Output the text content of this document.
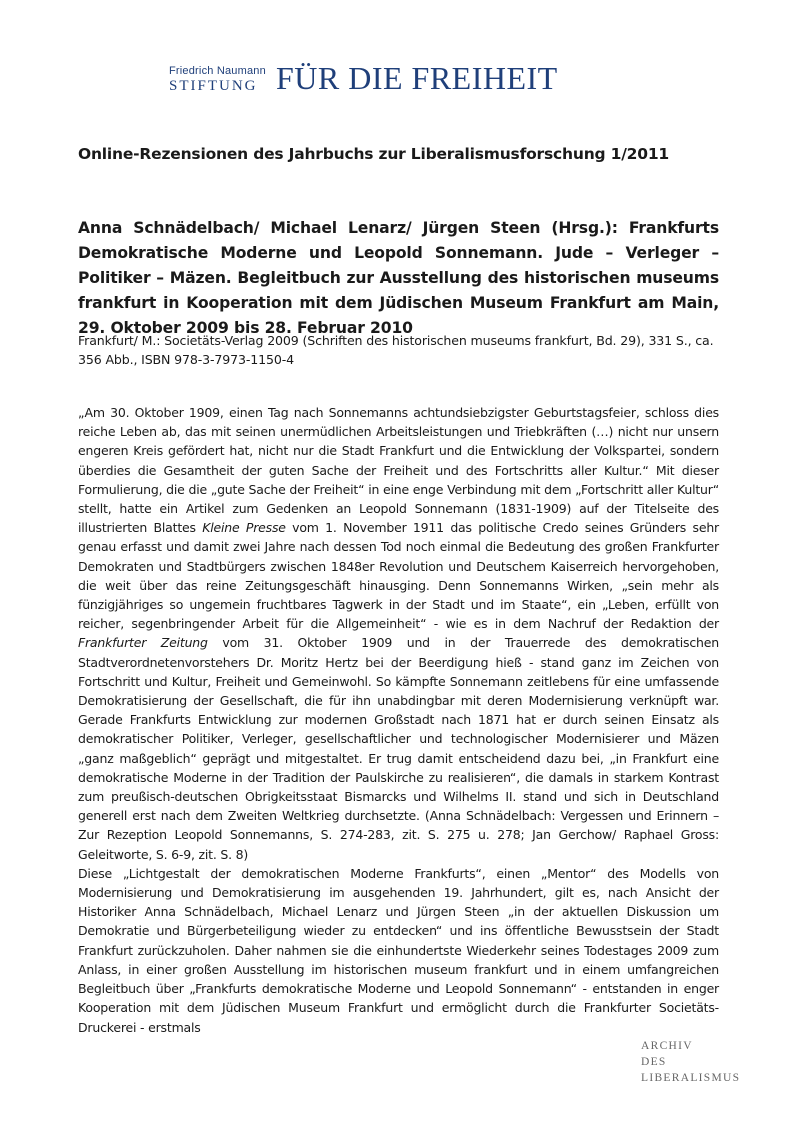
Friedrich Naumann
STIFTUNG FÜR DIE FREIHEIT
Online-Rezensionen des Jahrbuchs zur Liberalismusforschung 1/2011
Anna Schnädelbach/ Michael Lenarz/ Jürgen Steen (Hrsg.): Frankfurts Demokratische Moderne und Leopold Sonnemann. Jude – Verleger – Politiker – Mäzen. Begleitbuch zur Ausstellung des historischen museums frankfurt in Kooperation mit dem Jüdischen Museum Frankfurt am Main, 29. Oktober 2009 bis 28. Februar 2010
Frankfurt/ M.: Societäts-Verlag 2009 (Schriften des historischen museums frankfurt, Bd. 29), 331 S., ca. 356 Abb., ISBN 978-3-7973-1150-4

„Am 30. Oktober 1909, einen Tag nach Sonnemanns achtundsiebzigster Geburtstagsfeier, schloss dies reiche Leben ab, das mit seinen unermüdlichen Arbeitsleistungen und Triebkräften (…) nicht nur unsern engeren Kreis gefördert hat, nicht nur die Stadt Frankfurt und die Entwicklung der Volkspartei, sondern überdies die Gesamtheit der guten Sache der Freiheit und des Fortschritts aller Kultur.“ Mit dieser Formulierung, die die „gute Sache der Freiheit“ in eine enge Verbindung mit dem „Fortschritt aller Kultur“ stellt, hatte ein Artikel zum Gedenken an Leopold Sonnemann (1831-1909) auf der Titelseite des illustrierten Blattes Kleine Presse vom 1. November 1911 das politische Credo seines Gründers sehr genau erfasst und damit zwei Jahre nach dessen Tod noch einmal die Bedeutung des großen Frankfurter Demokraten und Stadtbürgers zwischen 1848er Revolution und Deutschem Kaiserreich hervorgehoben, die weit über das reine Zeitungsgeschäft hinausging. Denn Sonnemanns Wirken, „sein mehr als fünzigjähriges so ungemein fruchtbares Tagwerk in der Stadt und im Staate“, ein „Leben, erfüllt von reicher, segenbringender Arbeit für die Allgemeinheit“ - wie es in dem Nachruf der Redaktion der Frankfurter Zeitung vom 31. Oktober 1909 und in der Trauerrede des demokratischen Stadtverordnetenvorstehers Dr. Moritz Hertz bei der Beerdigung hieß - stand ganz im Zeichen von Fortschritt und Kultur, Freiheit und Gemeinwohl. So kämpfte Sonnemann zeitlebens für eine umfassende Demokratisierung der Gesellschaft, die für ihn unabdingbar mit deren Modernisierung verknüpft war. Gerade Frankfurts Entwicklung zur modernen Großstadt nach 1871 hat er durch seinen Einsatz als demokratischer Politiker, Verleger, gesellschaftlicher und technologischer Modernisierer und Mäzen „ganz maßgeblich“ geprägt und mitgestaltet. Er trug damit entscheidend dazu bei, „in Frankfurt eine demokratische Moderne in der Tradition der Paulskirche zu realisieren“, die damals in starkem Kontrast zum preußisch-deutschen Obrigkeitsstaat Bismarcks und Wilhelms II. stand und sich in Deutschland generell erst nach dem Zweiten Weltkrieg durchsetzte. (Anna Schnädelbach: Vergessen und Erinnern – Zur Rezeption Leopold Sonnemanns, S. 274-283, zit. S. 275 u. 278; Jan Gerchow/ Raphael Gross: Geleitworte, S. 6-9, zit. S. 8)

Diese „Lichtgestalt der demokratischen Moderne Frankfurts“, einen „Mentor“ des Modells von Modernisierung und Demokratisierung im ausgehenden 19. Jahrhundert, gilt es, nach Ansicht der Historiker Anna Schnädelbach, Michael Lenarz und Jürgen Steen „in der aktuellen Diskussion um Demokratie und Bürgerbeteiligung wieder zu entdecken“ und ins öffentliche Bewusstsein der Stadt Frankfurt zurückzuholen. Daher nahmen sie die einhundertste Wiederkehr seines Todestages 2009 zum Anlass, in einer großen Ausstellung im historischen museum frankfurt und in einem umfangreichen Begleitbuch über „Frankfurts demokratische Moderne und Leopold Sonnemann“ - entstanden in enger Kooperation mit dem Jüdischen Museum Frankfurt und ermöglicht durch die Frankfurter Societäts-Druckerei - erstmals

ARCHIV
DES
LIBERALISMUS
